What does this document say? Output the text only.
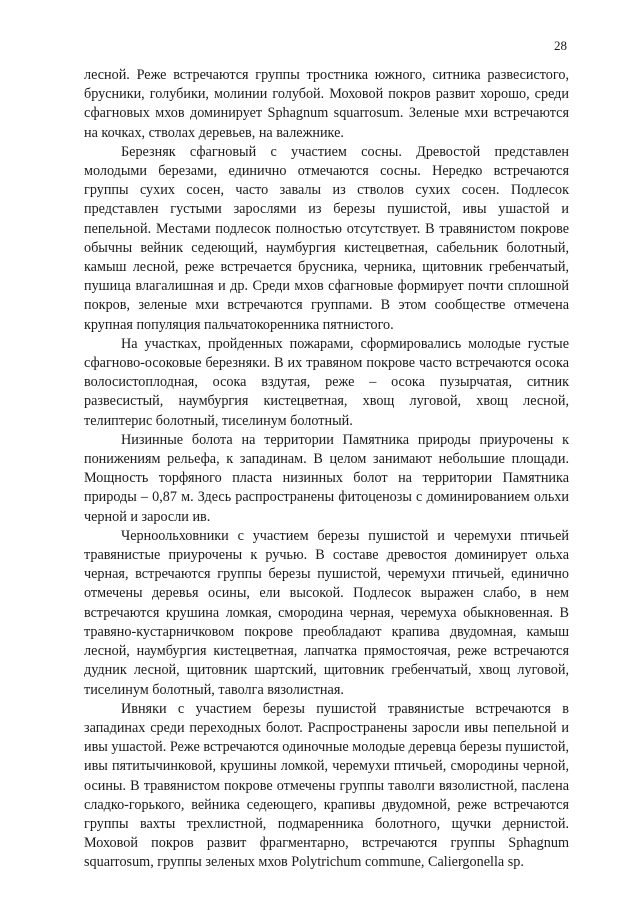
28

лесной. Реже встречаются группы тростника южного, ситника развесистого, брусники, голубики, молинии голубой. Моховой покров развит хорошо, среди сфагновых мхов доминирует Sphagnum squarrosum. Зеленые мхи встречаются на кочках, стволах деревьев, на валежнике.

Березняк сфагновый с участием сосны. Древостой представлен молодыми березами, единично отмечаются сосны. Нередко встречаются группы сухих сосен, часто завалы из стволов сухих сосен. Подлесок представлен густыми зарослями из березы пушистой, ивы ушастой и пепельной. Местами подлесок полностью отсутствует. В травянистом покрове обычны вейник седеющий, наумбургия кистецветная, сабельник болотный, камыш лесной, реже встречается брусника, черника, щитовник гребенчатый, пушица влагалишная и др. Среди мхов сфагновые формирует почти сплошной покров, зеленые мхи встречаются группами. В этом сообществе отмечена крупная популяция пальчатокоренника пятнистого.

На участках, пройденных пожарами, сформировались молодые густые сфагново-осоковые березняки. В их травяном покрове часто встречаются осока волосистоплодная, осока вздутая, реже – осока пузырчатая, ситник развесистый, наумбургия кистецветная, хвощ луговой, хвощ лесной, телиптерис болотный, тиселинум болотный.

Низинные болота на территории Памятника природы приурочены к понижениям рельефа, к западинам. В целом занимают небольшие площади. Мощность торфяного пласта низинных болот на территории Памятника природы – 0,87 м. Здесь распространены фитоценозы с доминированием ольхи черной и заросли ив.

Черноольховники с участием березы пушистой и черемухи птичьей травянистые приурочены к ручью. В составе древостоя доминирует ольха черная, встречаются группы березы пушистой, черемухи птичьей, единично отмечены деревья осины, ели высокой. Подлесок выражен слабо, в нем встречаются крушина ломкая, смородина черная, черемуха обыкновенная. В травяно-кустарничковом покрове преобладают крапива двудомная, камыш лесной, наумбургия кистецветная, лапчатка прямостоячая, реже встречаются дудник лесной, щитовник шартский, щитовник гребенчатый, хвощ луговой, тиселинум болотный, таволга вязолистная.

Ивняки с участием березы пушистой травянистые встречаются в западинах среди переходных болот. Распространены заросли ивы пепельной и ивы ушастой. Реже встречаются одиночные молодые деревца березы пушистой, ивы пятитычинковой, крушины ломкой, черемухи птичьей, смородины черной, осины. В травянистом покрове отмечены группы таволги вязолистной, паслена сладко-горького, вейника седеющего, крапивы двудомной, реже встречаются группы вахты трехлистной, подмаренника болотного, щучки дернистой. Моховой покров развит фрагментарно, встречаются группы Sphagnum squarrosum, группы зеленых мхов Polytrichum commune, Caliergonella sp.
